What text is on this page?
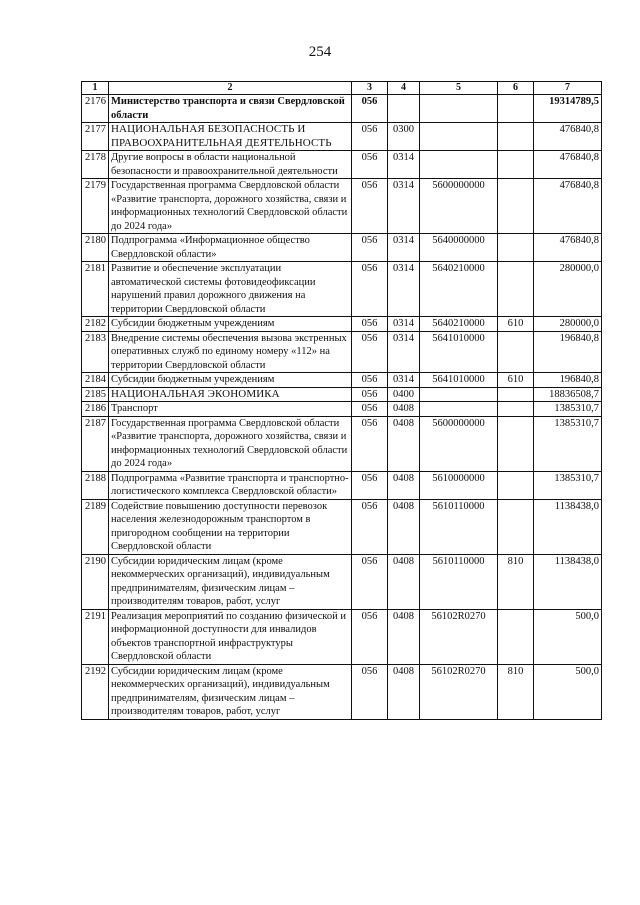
254
1	2	3	4	5	6	7
2176	Министерство транспорта и связи Свердловской области	056				19314789,5
2177	НАЦИОНАЛЬНАЯ БЕЗОПАСНОСТЬ И ПРАВООХРАНИТЕЛЬНАЯ ДЕЯТЕЛЬНОСТЬ	056	0300			476840,8
2178	Другие вопросы в области национальной безопасности и правоохранительной деятельности	056	0314			476840,8
2179	Государственная программа Свердловской области «Развитие транспорта, дорожного хозяйства, связи и информационных технологий Свердловской области до 2024 года»	056	0314	5600000000		476840,8
2180	Подпрограмма «Информационное общество Свердловской области»	056	0314	5640000000		476840,8
2181	Развитие и обеспечение эксплуатации автоматической системы фотовидеофиксации нарушений правил дорожного движения на территории Свердловской области	056	0314	5640210000		280000,0
2182	Субсидии бюджетным учреждениям	056	0314	5640210000	610	280000,0
2183	Внедрение системы обеспечения вызова экстренных оперативных служб по единому номеру «112» на территории Свердловской области	056	0314	5641010000		196840,8
2184	Субсидии бюджетным учреждениям	056	0314	5641010000	610	196840,8
2185	НАЦИОНАЛЬНАЯ ЭКОНОМИКА	056	0400			18836508,7
2186	Транспорт	056	0408			1385310,7
2187	Государственная программа Свердловской области «Развитие транспорта, дорожного хозяйства, связи и информационных технологий Свердловской области до 2024 года»	056	0408	5600000000		1385310,7
2188	Подпрограмма «Развитие транспорта и транспортно-логистического комплекса Свердловской области»	056	0408	5610000000		1385310,7
2189	Содействие повышению доступности перевозок населения железнодорожным транспортом в пригородном сообщении на территории Свердловской области	056	0408	5610110000		1138438,0
2190	Субсидии юридическим лицам (кроме некоммерческих организаций), индивидуальным предпринимателям, физическим лицам – производителям товаров, работ, услуг	056	0408	5610110000	810	1138438,0
2191	Реализация мероприятий по созданию физической и информационной доступности для инвалидов объектов транспортной инфраструктуры Свердловской области	056	0408	56102R0270		500,0
2192	Субсидии юридическим лицам (кроме некоммерческих организаций), индивидуальным предпринимателям, физическим лицам – производителям товаров, работ, услуг	056	0408	56102R0270	810	500,0
